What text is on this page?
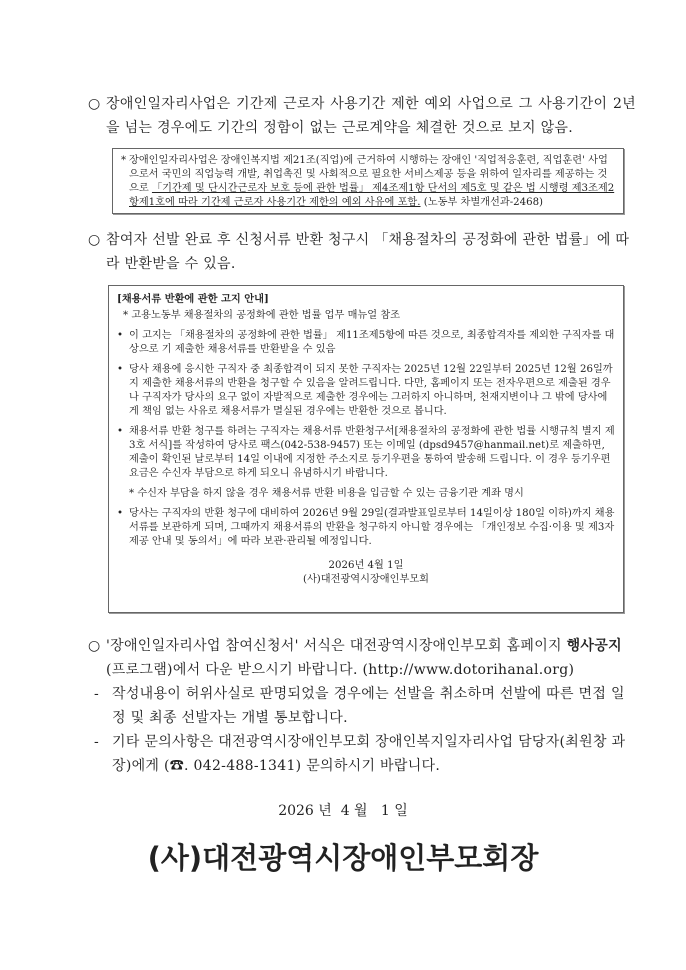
○ 장애인일자리사업은 기간제 근로자 사용기간 제한 예외 사업으로 그 사용기간이 2년을 넘는 경우에도 기간의 정함이 없는 근로계약을 체결한 것으로 보지 않음.
* 장애인일자리사업은 장애인복지법 제21조(직업)에 근거하여 시행하는 장애인 '직업적응훈련, 직업훈련' 사업으로서 국민의 직업능력 개발, 취업촉진 및 사회적으로 필요한 서비스제공 등을 위하여 일자리를 제공하는 것으로 「기간제 및 단시간근로자 보호 등에 관한 법률」 제4조제1항 단서의 제5호 및 같은 법 시행령 제3조제2항제1호에 따라 기간제 근로자 사용기간 제한의 예외 사유에 포함. (노동부 차별개선과-2468)
○ 참여자 선발 완료 후 신청서류 반환 청구시 「채용절차의 공정화에 관한 법률」에 따라 반환받을 수 있음.
[채용서류 반환에 관한 고지 안내]
* 고용노동부 채용절차의 공정화에 관한 법률 업무 매뉴얼 참조
• 이 고지는 「채용절차의 공정화에 관한 법률」 제11조제5항에 따른 것으로, 최종합격자를 제외한 구직자를 대상으로 기 제출한 채용서류를 반환받을 수 있음
• 당사 채용에 응시한 구직자 중 최종합격이 되지 못한 구직자는 2025년 12월 22일부터 2025년 12월 26일까지 제출한 채용서류의 반환을 청구할 수 있음을 알려드립니다. 다만, 홈페이지 또는 전자우편으로 제출된 경우나 구직자가 당사의 요구 없이 자발적으로 제출한 경우에는 그러하지 아니하며, 천재지변이나 그 밖에 당사에게 책임 없는 사유로 채용서류가 멸실된 경우에는 반환한 것으로 봅니다.
• 채용서류 반환 청구를 하려는 구직자는 채용서류 반환청구서[채용절차의 공정화에 관한 법률 시행규칙 별지 제3호 서식]를 작성하여 당사로 팩스(042-538-9457) 또는 이메일 (dpsd9457@hanmail.net)로 제출하면, 제출이 확인된 날로부터 14일 이내에 지정한 주소지로 등기우편을 통하여 발송해 드립니다. 이 경우 등기우편요금은 수신자 부담으로 하게 되오니 유념하시기 바랍니다.
* 수신자 부담을 하지 않을 경우 채용서류 반환 비용을 입금할 수 있는 금융기관 계좌 명시
• 당사는 구직자의 반환 청구에 대비하여 2026년 9월 29일(결과발표일로부터 14일이상 180일 이하)까지 채용서류를 보관하게 되며, 그때까지 채용서류의 반환을 청구하지 아니할 경우에는 「개인정보 수집·이용 및 제3자 제공 안내 및 동의서」에 따라 보관·관리될 예정입니다.
2026년 4월 1일
(사)대전광역시장애인부모회
○ '장애인일자리사업 참여신청서' 서식은 대전광역시장애인부모회 홈페이지 행사공지(프로그램)에서 다운 받으시기 바랍니다. (http://www.dotorihanal.org)
- 작성내용이 허위사실로 판명되었을 경우에는 선발을 취소하며 선발에 따른 면접 일정 및 최종 선발자는 개별 통보합니다.
- 기타 문의사항은 대전광역시장애인부모회 장애인복지일자리사업 담당자(최원창 과장)에게 (☎. 042-488-1341) 문의하시기 바랍니다.
2026 년  4 월   1 일
(사)대전광역시장애인부모회장
